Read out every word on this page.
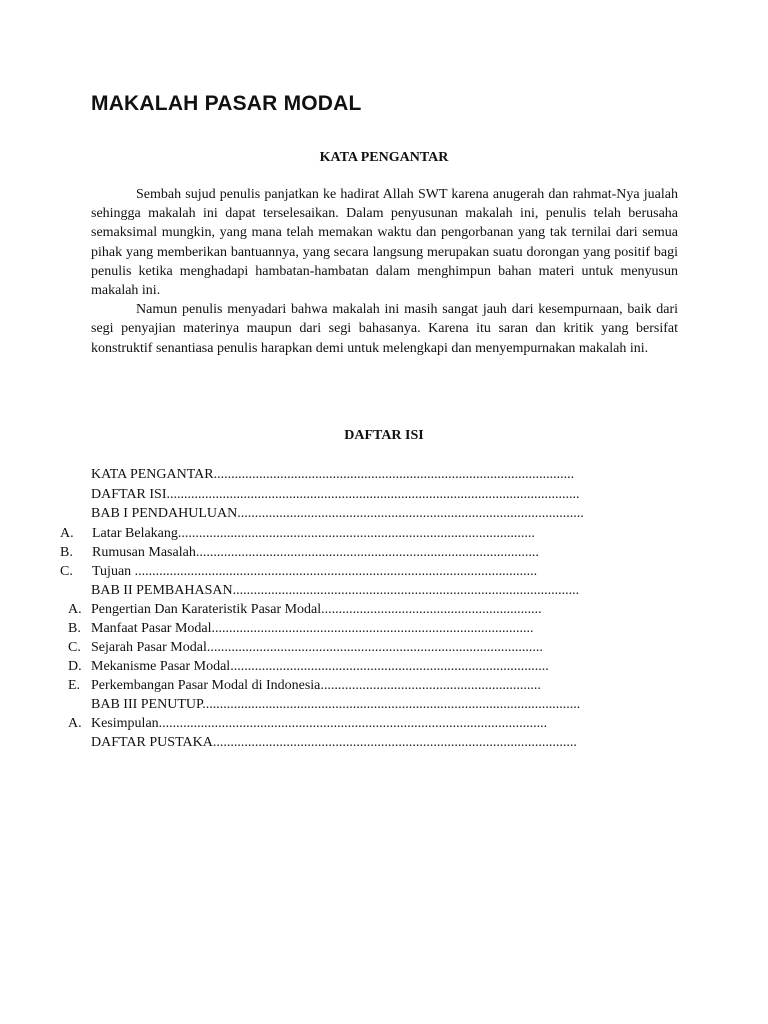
MAKALAH PASAR MODAL
KATA PENGANTAR

Sembah sujud penulis panjatkan ke hadirat Allah SWT karena anugerah dan rahmat-Nya jualah sehingga makalah ini dapat terselesaikan. Dalam penyusunan makalah ini, penulis telah berusaha semaksimal mungkin, yang mana telah memakan waktu dan pengorbanan yang tak ternilai dari semua pihak yang memberikan bantuannya, yang secara langsung merupakan suatu dorongan yang positif bagi penulis ketika menghadapi hambatan-hambatan dalam menghimpun bahan materi untuk menyusun makalah ini.

Namun penulis menyadari bahwa makalah ini masih sangat jauh dari kesempurnaan, baik dari segi penyajian materinya maupun dari segi bahasanya. Karena itu saran dan kritik yang bersifat konstruktif senantiasa penulis harapkan demi untuk melengkapi dan menyempurnakan makalah ini.

DAFTAR ISI
KATA PENGANTAR.......................................................................................................
DAFTAR ISI......................................................................................................................
BAB I PENDAHULUAN...................................................................................................
A. Latar Belakang......................................................................................................
B. Rumusan Masalah..................................................................................................
C. Tujuan ...................................................................................................................
BAB II PEMBAHASAN...................................................................................................
A. Pengertian Dan Karateristik Pasar Modal...............................................................
B. Manfaat Pasar Modal............................................................................................
C. Sejarah Pasar Modal................................................................................................
D. Mekanisme Pasar Modal...........................................................................................
E. Perkembangan Pasar Modal di Indonesia...............................................................
BAB III PENUTUP............................................................................................................
A. Kesimpulan...............................................................................................................
DAFTAR PUSTAKA........................................................................................................
